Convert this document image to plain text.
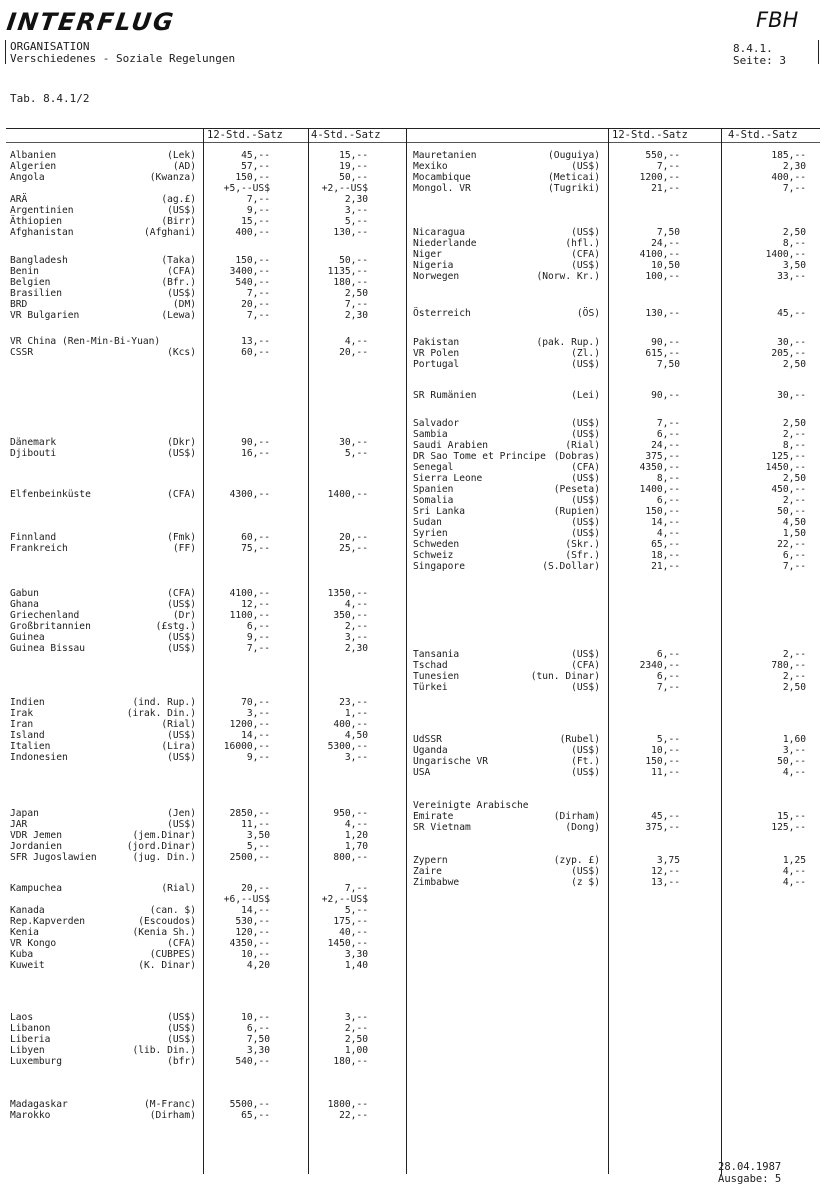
INTERFLUG	FBH
ORGANISATION
Verschiedenes - Soziale Regelungen
8.4.1.
Seite: 3
Tab. 8.4.1/2
12-Std.-Satz	4-Std.-Satz	12-Std.-Satz	4-Std.-Satz
Albanien	(Lek)	45,--	15,--
Algerien	(AD)	57,--	19,--
Angola	(Kwanza)	150,--	50,--
+5,--US$	+2,--US$
ARÄ	(ag.£)	7,--	2,30
Argentinien	(US$)	9,--	3,--
Äthiopien	(Birr)	15,--	5,--
Afghanistan	(Afghani)	400,--	130,--
Bangladesh	(Taka)	150,--	50,--
Benin	(CFA)	3400,--	1135,--
Belgien	(Bfr.)	540,--	180,--
Brasilien	(US$)	7,--	2,50
BRD	(DM)	20,--	7,--
VR Bulgarien	(Lewa)	7,--	2,30
VR China (Ren-Min-Bi-Yuan)	13,--	4,--
CSSR	(Kcs)	60,--	20,--
Dänemark	(Dkr)	90,--	30,--
Djibouti	(US$)	16,--	5,--
Elfenbeinküste	(CFA)	4300,--	1400,--
Finnland	(Fmk)	60,--	20,--
Frankreich	(FF)	75,--	25,--
Gabun	(CFA)	4100,--	1350,--
Ghana	(US$)	12,--	4,--
Griechenland	(Dr)	1100,--	350,--
Großbritannien	(£stg.)	6,--	2,--
Guinea	(US$)	9,--	3,--
Guinea Bissau	(US$)	7,--	2,30
Indien	(ind. Rup.)	70,--	23,--
Irak	(irak. Din.)	3,--	1,--
Iran	(Rial)	1200,--	400,--
Island	(US$)	14,--	4,50
Italien	(Lira)	16000,--	5300,--
Indonesien	(US$)	9,--	3,--
Japan	(Jen)	2850,--	950,--
JAR	(US$)	11,--	4,--
VDR Jemen	(jem.Dinar)	3,50	1,20
Jordanien	(jord.Dinar)	5,--	1,70
SFR Jugoslawien	(jug. Din.)	2500,--	800,--
Kampuchea	(Rial)	20,--	7,--
+6,--US$	+2,--US$
Kanada	(can. $)	14,--	5,--
Rep.Kapverden	(Escoudos)	530,--	175,--
Kenia	(Kenia Sh.)	120,--	40,--
VR Kongo	(CFA)	4350,--	1450,--
Kuba	(CUBPES)	10,--	3,30
Kuweit	(K. Dinar)	4,20	1,40
Laos	(US$)	10,--	3,--
Libanon	(US$)	6,--	2,--
Liberia	(US$)	7,50	2,50
Libyen	(lib. Din.)	3,30	1,00
Luxemburg	(bfr)	540,--	180,--
Madagaskar	(M-Franc)	5500,--	1800,--
Marokko	(Dirham)	65,--	22,--
Mauretanien	(Ouguiya)	550,--	185,--
Mexiko	(US$)	7,--	2,30
Mocambique	(Meticai)	1200,--	400,--
Mongol. VR	(Tugriki)	21,--	7,--
Nicaragua	(US$)	7,50	2,50
Niederlande	(hfl.)	24,--	8,--
Niger	(CFA)	4100,--	1400,--
Nigeria	(US$)	10,50	3,50
Norwegen	(Norw. Kr.)	100,--	33,--
Österreich	(ÖS)	130,--	45,--
Pakistan	(pak. Rup.)	90,--	30,--
VR Polen	(Zl.)	615,--	205,--
Portugal	(US$)	7,50	2,50
SR Rumänien	(Lei)	90,--	30,--
Salvador	(US$)	7,--	2,50
Sambia	(US$)	6,--	2,--
Saudi Arabien	(Rial)	24,--	8,--
DR Sao Tome et Principe (Dobras)	375,--	125,--
Senegal	(CFA)	4350,--	1450,--
Sierra Leone	(US$)	8,--	2,50
Spanien	(Peseta)	1400,--	450,--
Somalia	(US$)	6,--	2,--
Sri Lanka	(Rupien)	150,--	50,--
Sudan	(US$)	14,--	4,50
Syrien	(US$)	4,--	1,50
Schweden	(Skr.)	65,--	22,--
Schweiz	(Sfr.)	18,--	6,--
Singapore	(S.Dollar)	21,--	7,--
Tansania	(US$)	6,--	2,--
Tschad	(CFA)	2340,--	780,--
Tunesien	(tun. Dinar)	6,--	2,--
Türkei	(US$)	7,--	2,50
UdSSR	(Rubel)	5,--	1,60
Uganda	(US$)	10,--	3,--
Ungarische VR	(Ft.)	150,--	50,--
USA	(US$)	11,--	4,--
Vereinigte Arabische
Emirate	(Dirham)	45,--	15,--
SR Vietnam	(Dong)	375,--	125,--
Zypern	(zyp. £)	3,75	1,25
Zaire	(US$)	12,--	4,--
Zimbabwe	(z $)	13,--	4,--
28.04.1987
Ausgabe: 5
